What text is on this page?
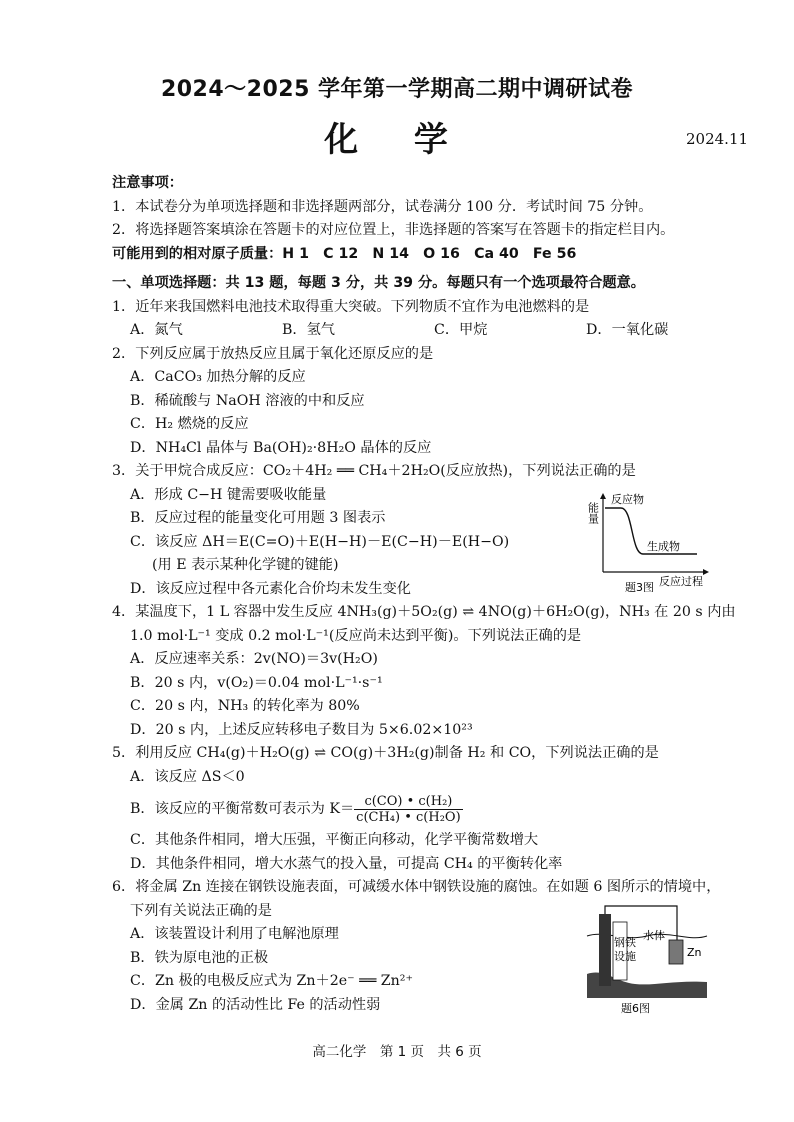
2024～2025 学年第一学期高二期中调研试卷
化 学	2024.11
注意事项：
1．本试卷分为单项选择题和非选择题两部分，试卷满分 100 分．考试时间 75 分钟。
2．将选择题答案填涂在答题卡的对应位置上，非选择题的答案写在答题卡的指定栏目内。
可能用到的相对原子质量：H 1　C 12　N 14　O 16　Ca 40　Fe 56
一、单项选择题：共 13 题，每题 3 分，共 39 分。每题只有一个选项最符合题意。
1．近年来我国燃料电池技术取得重大突破。下列物质不宜作为电池燃料的是
A．氮气	B．氢气	C．甲烷	D．一氧化碳
2．下列反应属于放热反应且属于氧化还原反应的是
A．CaCO₃ 加热分解的反应
B．稀硫酸与 NaOH 溶液的中和反应
C．H₂ 燃烧的反应
D．NH₄Cl 晶体与 Ba(OH)₂·8H₂O 晶体的反应
3．关于甲烷合成反应：CO₂＋4H₂ ══ CH₄＋2H₂O(反应放热)，下列说法正确的是
A．形成 C−H 键需要吸收能量
B．反应过程的能量变化可用题 3 图表示
C．该反应 ΔH＝E(C=O)＋E(H−H)－E(C−H)－E(H−O)
(用 E 表示某种化学键的键能)
D．该反应过程中各元素化合价均未发生变化
4．某温度下，1 L 容器中发生反应 4NH₃(g)＋5O₂(g) ⇌ 4NO(g)＋6H₂O(g)，NH₃ 在 20 s 内由
1.0 mol·L⁻¹ 变成 0.2 mol·L⁻¹(反应尚未达到平衡)。下列说法正确的是
A．反应速率关系：2v(NO)＝3v(H₂O)
B．20 s 内，v(O₂)＝0.04 mol·L⁻¹·s⁻¹
C．20 s 内，NH₃ 的转化率为 80%
D．20 s 内，上述反应转移电子数目为 5×6.02×10²³
5．利用反应 CH₄(g)＋H₂O(g) ⇌ CO(g)＋3H₂(g)制备 H₂ 和 CO，下列说法正确的是
A．该反应 ΔS＜0
B．该反应的平衡常数可表示为 $K= \frac{\text{c(CO) • c(H₂)}}{\text{c(CH₄) • c(H₂O)}}$
C．其他条件相同，增大压强，平衡正向移动，化学平衡常数增大
D．其他条件相同，增大水蒸气的投入量，可提高 CH₄ 的平衡转化率
6．将金属 Zn 连接在钢铁设施表面，可减缓水体中钢铁设施的腐蚀。在如题 6 图所示的情境中，
下列有关说法正确的是
A．该装置设计利用了电解池原理
B．铁为原电池的正极
C．Zn 极的电极反应式为 Zn＋2e⁻ ══ Zn²⁺
D．金属 Zn 的活动性比 Fe 的活动性弱
能量
反应物
生成物
反应过程
题3图
水体
钢铁
设施	Zn
题6图
高二化学　第 1 页　共 6 页
